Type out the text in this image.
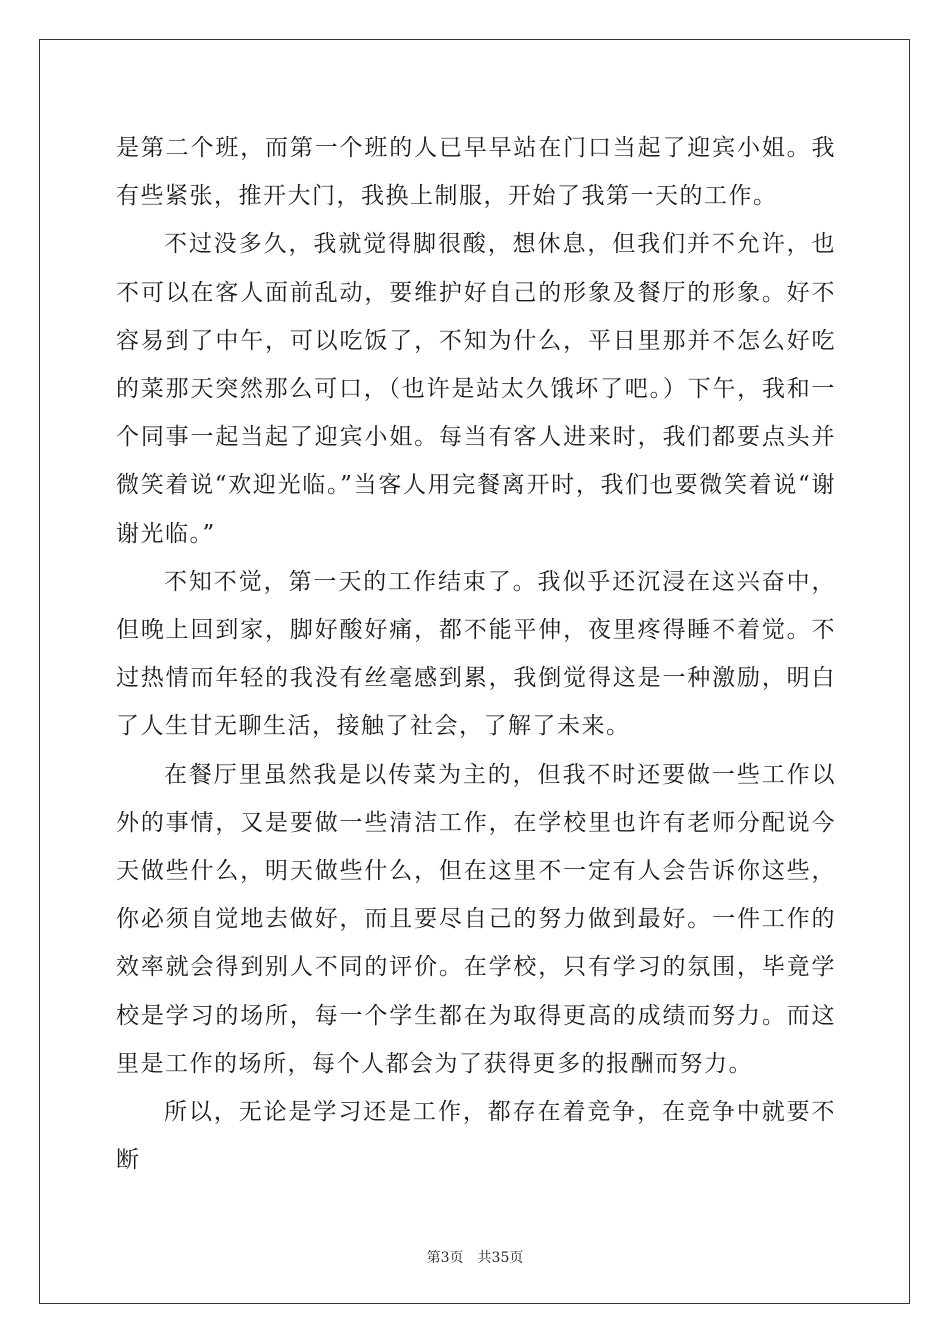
是第二个班，而第一个班的人已早早站在门口当起了迎宾小姐。我有些紧张，推开大门，我换上制服，开始了我第一天的工作。

不过没多久，我就觉得脚很酸，想休息，但我们并不允许，也不可以在客人面前乱动，要维护好自己的形象及餐厅的形象。好不容易到了中午，可以吃饭了，不知为什么，平日里那并不怎么好吃的菜那天突然那么可口，（也许是站太久饿坏了吧。）下午，我和一个同事一起当起了迎宾小姐。每当有客人进来时，我们都要点头并微笑着说“欢迎光临。”当客人用完餐离开时，我们也要微笑着说“谢谢光临。”

不知不觉，第一天的工作结束了。我似乎还沉浸在这兴奋中，但晚上回到家，脚好酸好痛，都不能平伸，夜里疼得睡不着觉。不过热情而年轻的我没有丝毫感到累，我倒觉得这是一种激励，明白了人生甘无聊生活，接触了社会，了解了未来。

在餐厅里虽然我是以传菜为主的，但我不时还要做一些工作以外的事情，又是要做一些清洁工作，在学校里也许有老师分配说今天做些什么，明天做些什么，但在这里不一定有人会告诉你这些，你必须自觉地去做好，而且要尽自己的努力做到最好。一件工作的效率就会得到别人不同的评价。在学校，只有学习的氛围，毕竟学校是学习的场所，每一个学生都在为取得更高的成绩而努力。而这里是工作的场所，每个人都会为了获得更多的报酬而努力。

所以，无论是学习还是工作，都存在着竞争，在竞争中就要不断

第3页 共35页
